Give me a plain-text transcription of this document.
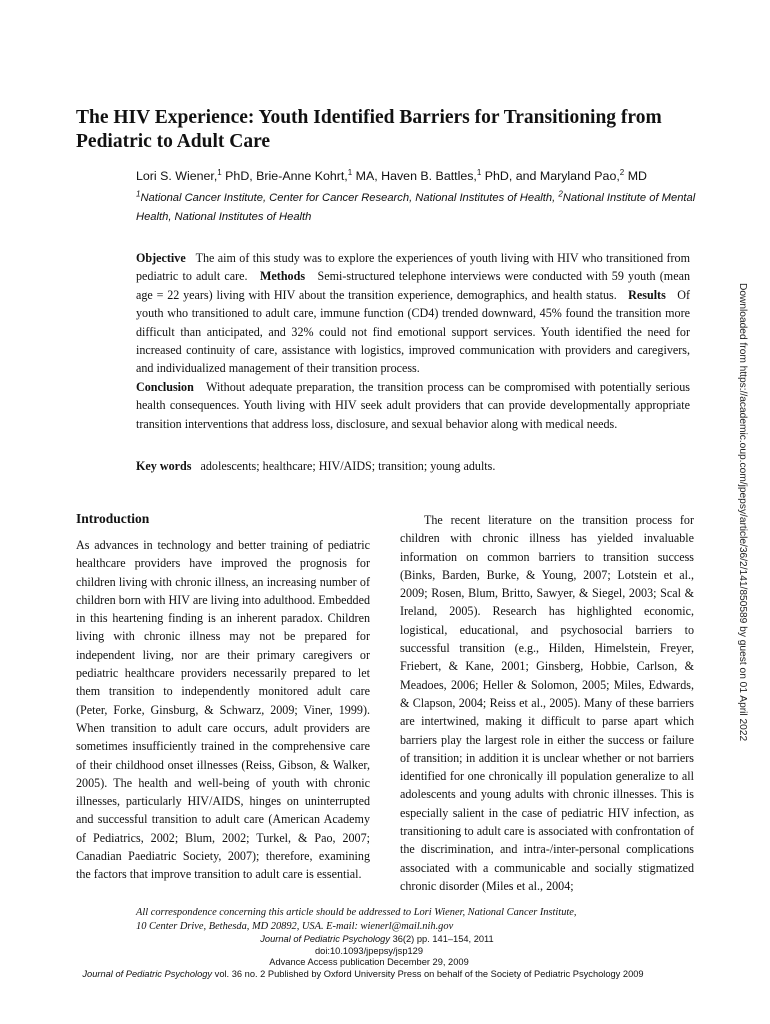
The HIV Experience: Youth Identified Barriers for Transitioning from Pediatric to Adult Care
Lori S. Wiener,$^1$ PhD, Brie-Anne Kohrt,$^1$ MA, Haven B. Battles,$^1$ PhD, and Maryland Pao,$^2$ MD
$^1$National Cancer Institute, Center for Cancer Research, National Institutes of Health, $^2$National Institute of Mental Health, National Institutes of Health

Objective The aim of this study was to explore the experiences of youth living with HIV who transitioned from pediatric to adult care. Methods Semi-structured telephone interviews were conducted with 59 youth (mean age = 22 years) living with HIV about the transition experience, demographics, and health status. Results Of youth who transitioned to adult care, immune function (CD4) trended downward, 45% found the transition more difficult than anticipated, and 32% could not find emotional support services. Youth identified the need for increased continuity of care, assistance with logistics, improved communication with providers and caregivers, and individualized management of their transition process.

Conclusion Without adequate preparation, the transition process can be compromised with potentially serious health consequences. Youth living with HIV seek adult providers that can provide developmentally appropriate transition interventions that address loss, disclosure, and sexual behavior along with medical needs.

Key words adolescents; healthcare; HIV/AIDS; transition; young adults.
Introduction

As advances in technology and better training of pediatric healthcare providers have improved the prognosis for children living with chronic illness, an increasing number of children born with HIV are living into adulthood. Embedded in this heartening finding is an inherent paradox. Children living with chronic illness may not be prepared for independent living, nor are their primary caregivers or pediatric healthcare providers necessarily prepared to let them transition to independently monitored adult care (Peter, Forke, Ginsburg, & Schwarz, 2009; Viner, 1999). When transition to adult care occurs, adult providers are sometimes insufficiently trained in the comprehensive care of their childhood onset illnesses (Reiss, Gibson, & Walker, 2005). The health and well-being of youth with chronic illnesses, particularly HIV/AIDS, hinges on uninterrupted and successful transition to adult care (American Academy of Pediatrics, 2002; Blum, 2002; Turkel, & Pao, 2007; Canadian Paediatric Society, 2007); therefore, examining the factors that improve transition to adult care is essential.

The recent literature on the transition process for children with chronic illness has yielded invaluable information on common barriers to transition success (Binks, Barden, Burke, & Young, 2007; Lotstein et al., 2009; Rosen, Blum, Britto, Sawyer, & Siegel, 2003; Scal & Ireland, 2005). Research has highlighted economic, logistical, educational, and psychosocial barriers to successful transition (e.g., Hilden, Himelstein, Freyer, Friebert, & Kane, 2001; Ginsberg, Hobbie, Carlson, & Meadoes, 2006; Heller & Solomon, 2005; Miles, Edwards, & Clapson, 2004; Reiss et al., 2005). Many of these barriers are intertwined, making it difficult to parse apart which barriers play the largest role in either the success or failure of transition; in addition it is unclear whether or not barriers identified for one chronically ill population generalize to all adolescents and young adults with chronic illnesses. This is especially salient in the case of pediatric HIV infection, as transitioning to adult care is associated with confrontation of the discrimination, and intra-/inter-personal complications associated with a communicable and socially stigmatized chronic disorder (Miles et al., 2004;

All correspondence concerning this article should be addressed to Lori Wiener, National Cancer Institute,
10 Center Drive, Bethesda, MD 20892, USA. E-mail: wienerl@mail.nih.gov
Journal of Pediatric Psychology 36(2) pp. 141–154, 2011
doi:10.1093/jpepsy/jsp129
Advance Access publication December 29, 2009
Journal of Pediatric Psychology vol. 36 no. 2 Published by Oxford University Press on behalf of the Society of Pediatric Psychology 2009
Downloaded from https://academic.oup.com/jpepsy/article/36/2/141/850589 by guest on 01 April 2022
